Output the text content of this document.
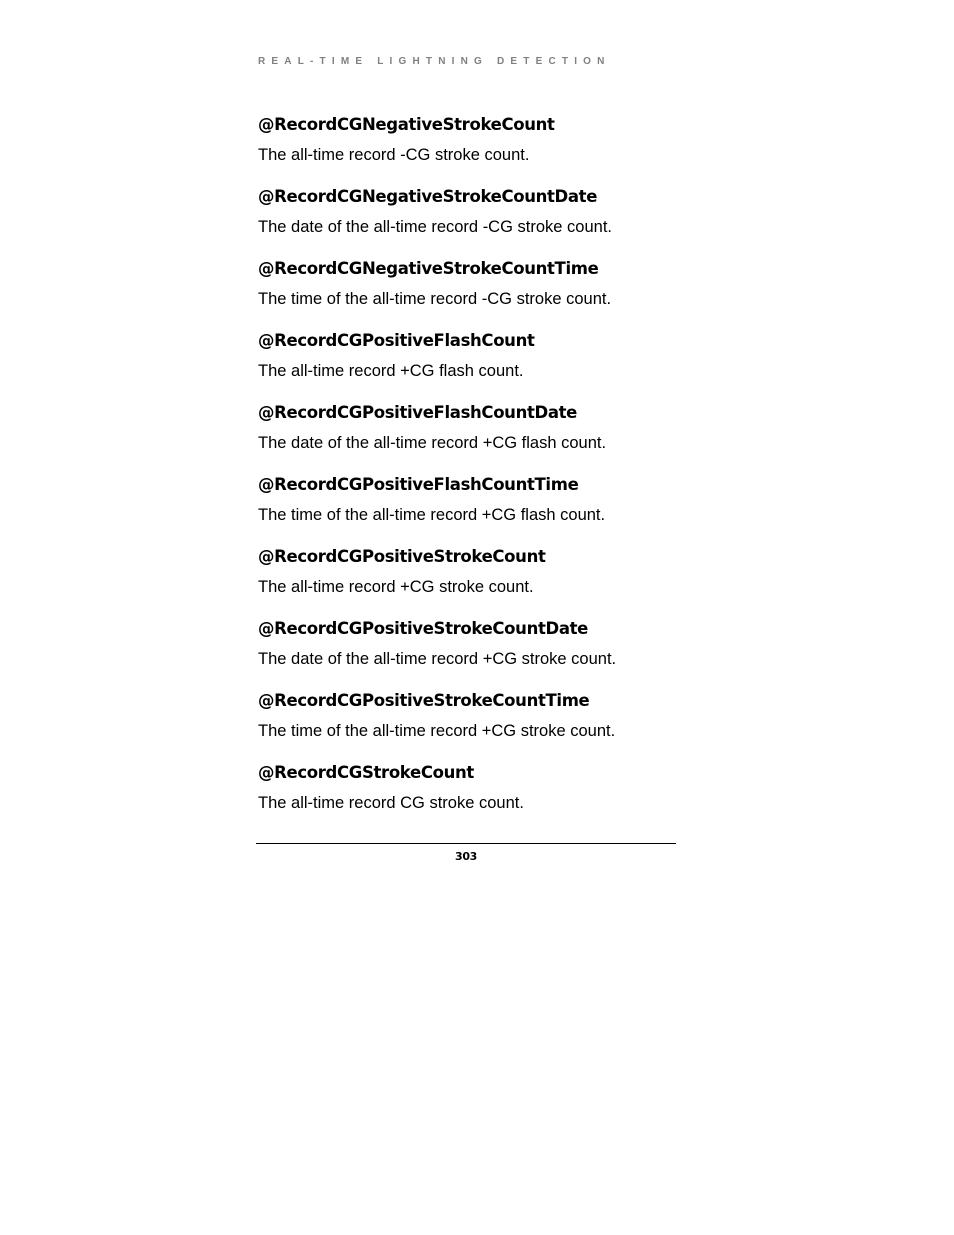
REAL-TIME LIGHTNING DETECTION
@RecordCGNegativeStrokeCount
The all-time record -CG stroke count.
@RecordCGNegativeStrokeCountDate
The date of the all-time record -CG stroke count.
@RecordCGNegativeStrokeCountTime
The time of the all-time record -CG stroke count.
@RecordCGPositiveFlashCount
The all-time record +CG flash count.
@RecordCGPositiveFlashCountDate
The date of the all-time record +CG flash count.
@RecordCGPositiveFlashCountTime
The time of the all-time record +CG flash count.
@RecordCGPositiveStrokeCount
The all-time record +CG stroke count.
@RecordCGPositiveStrokeCountDate
The date of the all-time record +CG stroke count.
@RecordCGPositiveStrokeCountTime
The time of the all-time record +CG stroke count.
@RecordCGStrokeCount
The all-time record CG stroke count.
303
